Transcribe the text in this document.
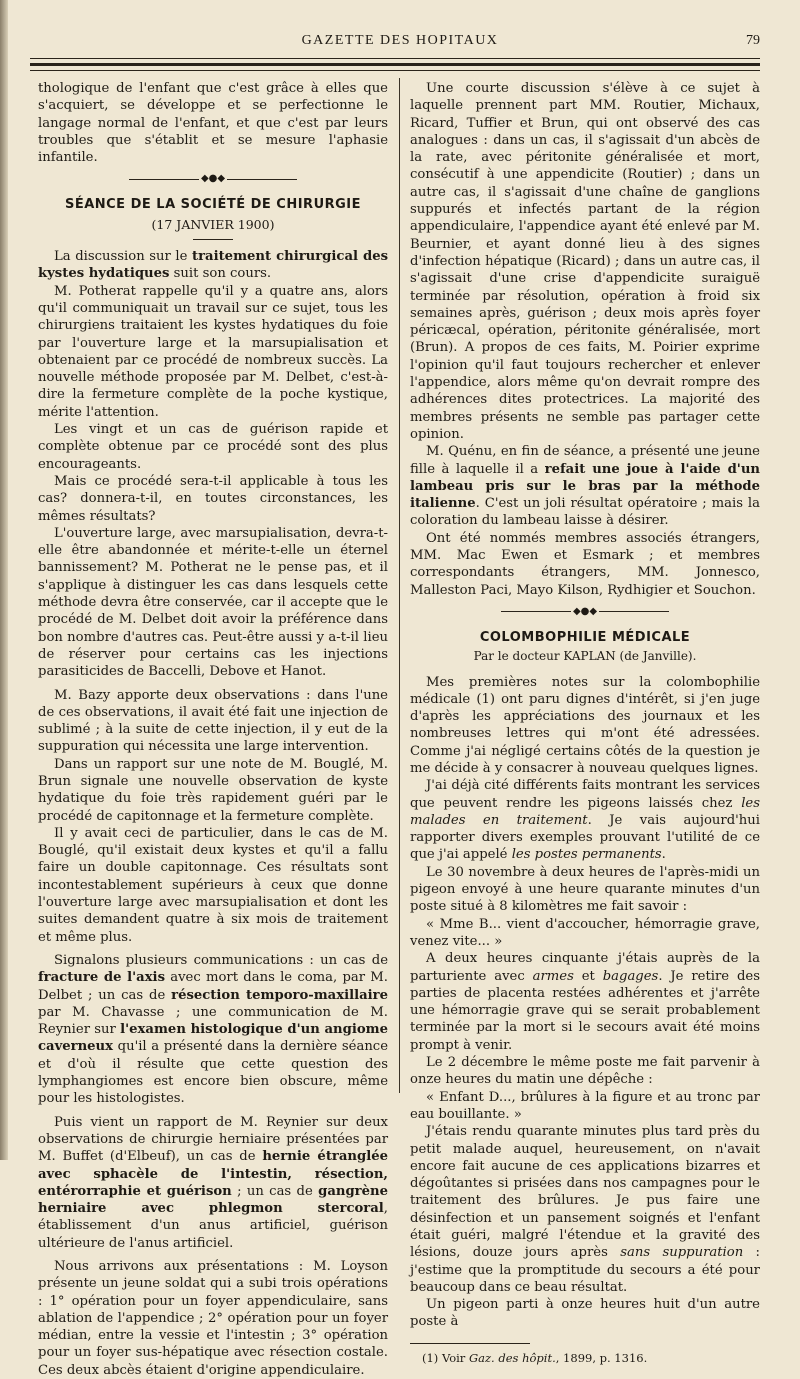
GAZETTE DES HOPITAUX	79

thologique de l'enfant que c'est grâce à elles que s'acquiert, se développe et se perfectionne le langage normal de l'enfant, et que c'est par leurs troubles que s'établit et se mesure l'aphasie infantile.

◆●◆
SÉANCE DE LA SOCIÉTÉ DE CHIRURGIE
(17 JANVIER 1900)

La discussion sur le traitement chirurgical des kystes hydatiques suit son cours.

M. Potherat rappelle qu'il y a quatre ans, alors qu'il communiquait un travail sur ce sujet, tous les chirurgiens traitaient les kystes hydatiques du foie par l'ouverture large et la marsupialisation et obtenaient par ce procédé de nombreux succès. La nouvelle méthode proposée par M. Delbet, c'est-à-dire la fermeture complète de la poche kystique, mérite l'attention.

Les vingt et un cas de guérison rapide et complète obtenue par ce procédé sont des plus encourageants.

Mais ce procédé sera-t-il applicable à tous les cas? donnera-t-il, en toutes circonstances, les mêmes résultats?

L'ouverture large, avec marsupialisation, devra-t-elle être abandonnée et mérite-t-elle un éternel bannissement? M. Potherat ne le pense pas, et il s'applique à distinguer les cas dans lesquels cette méthode devra être conservée, car il accepte que le procédé de M. Delbet doit avoir la préférence dans bon nombre d'autres cas. Peut-être aussi y a-t-il lieu de réserver pour certains cas les injections parasiticides de Baccelli, Debove et Hanot.

M. Bazy apporte deux observations : dans l'une de ces observations, il avait été fait une injection de sublimé ; à la suite de cette injection, il y eut de la suppuration qui nécessita une large intervention.

Dans un rapport sur une note de M. Bouglé, M. Brun signale une nouvelle observation de kyste hydatique du foie très rapidement guéri par le procédé de capitonnage et la fermeture complète.

Il y avait ceci de particulier, dans le cas de M. Bouglé, qu'il existait deux kystes et qu'il a fallu faire un double capitonnage. Ces résultats sont incontestablement supérieurs à ceux que donne l'ouverture large avec marsupialisation et dont les suites demandent quatre à six mois de traitement et même plus.

Signalons plusieurs communications : un cas de fracture de l'axis avec mort dans le coma, par M. Delbet ; un cas de résection temporo-maxillaire par M. Chavasse ; une communication de M. Reynier sur l'examen histologique d'un angiome caverneux qu'il a présenté dans la dernière séance et d'où il résulte que cette question des lymphangiomes est encore bien obscure, même pour les histologistes.

Puis vient un rapport de M. Reynier sur deux observations de chirurgie herniaire présentées par M. Buffet (d'Elbeuf), un cas de hernie étranglée avec sphacèle de l'intestin, résection, entérorraphie et guérison ; un cas de gangrène herniaire avec phlegmon stercoral, établissement d'un anus artificiel, guérison ultérieure de l'anus artificiel.

Nous arrivons aux présentations : M. Loyson présente un jeune soldat qui a subi trois opérations : 1° opération pour un foyer appendiculaire, sans ablation de l'appendice ; 2° opération pour un foyer médian, entre la vessie et l'intestin ; 3° opération pour un foyer sus-hépatique avec résection costale. Ces deux abcès étaient d'origine appendiculaire.

Une courte discussion s'élève à ce sujet à laquelle prennent part MM. Routier, Michaux, Ricard, Tuffier et Brun, qui ont observé des cas analogues : dans un cas, il s'agissait d'un abcès de la rate, avec péritonite généralisée et mort, consécutif à une appendicite (Routier) ; dans un autre cas, il s'agissait d'une chaîne de ganglions suppurés et infectés partant de la région appendiculaire, l'appendice ayant été enlevé par M. Beurnier, et ayant donné lieu à des signes d'infection hépatique (Ricard) ; dans un autre cas, il s'agissait d'une crise d'appendicite suraiguë terminée par résolution, opération à froid six semaines après, guérison ; deux mois après foyer péricæcal, opération, péritonite généralisée, mort (Brun). A propos de ces faits, M. Poirier exprime l'opinion qu'il faut toujours rechercher et enlever l'appendice, alors même qu'on devrait rompre des adhérences dites protectrices. La majorité des membres présents ne semble pas partager cette opinion.

M. Quénu, en fin de séance, a présenté une jeune fille à laquelle il a refait une joue à l'aide d'un lambeau pris sur le bras par la méthode italienne. C'est un joli résultat opératoire ; mais la coloration du lambeau laisse à désirer.

Ont été nommés membres associés étrangers, MM. Mac Ewen et Esmark ; et membres correspondants étrangers, MM. Jonnesco, Malleston Paci, Mayo Kilson, Rydhigier et Souchon.

◆●◆
COLOMBOPHILIE MÉDICALE
Par le docteur KAPLAN (de Janville).

Mes premières notes sur la colombophilie médicale (1) ont paru dignes d'intérêt, si j'en juge d'après les appréciations des journaux et les nombreuses lettres qui m'ont été adressées. Comme j'ai négligé certains côtés de la question je me décide à y consacrer à nouveau quelques lignes.

J'ai déjà cité différents faits montrant les services que peuvent rendre les pigeons laissés chez les malades en traitement. Je vais aujourd'hui rapporter divers exemples prouvant l'utilité de ce que j'ai appelé les postes permanents.

Le 30 novembre à deux heures de l'après-midi un pigeon envoyé à une heure quarante minutes d'un poste situé à 8 kilomètres me fait savoir :

« Mme B... vient d'accoucher, hémorragie grave, venez vite... »

A deux heures cinquante j'étais auprès de la parturiente avec armes et bagages. Je retire des parties de placenta restées adhérentes et j'arrête une hémorragie grave qui se serait probablement terminée par la mort si le secours avait été moins prompt à venir.

Le 2 décembre le même poste me fait parvenir à onze heures du matin une dépêche :

« Enfant D..., brûlures à la figure et au tronc par eau bouillante. »

J'étais rendu quarante minutes plus tard près du petit malade auquel, heureusement, on n'avait encore fait aucune de ces applications bizarres et dégoûtantes si prisées dans nos campagnes pour le traitement des brûlures. Je pus faire une désinfection et un pansement soignés et l'enfant était guéri, malgré l'étendue et la gravité des lésions, douze jours après sans suppuration : j'estime que la promptitude du secours a été pour beaucoup dans ce beau résultat.

Un pigeon parti à onze heures huit d'un autre poste à

(1) Voir Gaz. des hôpit., 1899, p. 1316.
